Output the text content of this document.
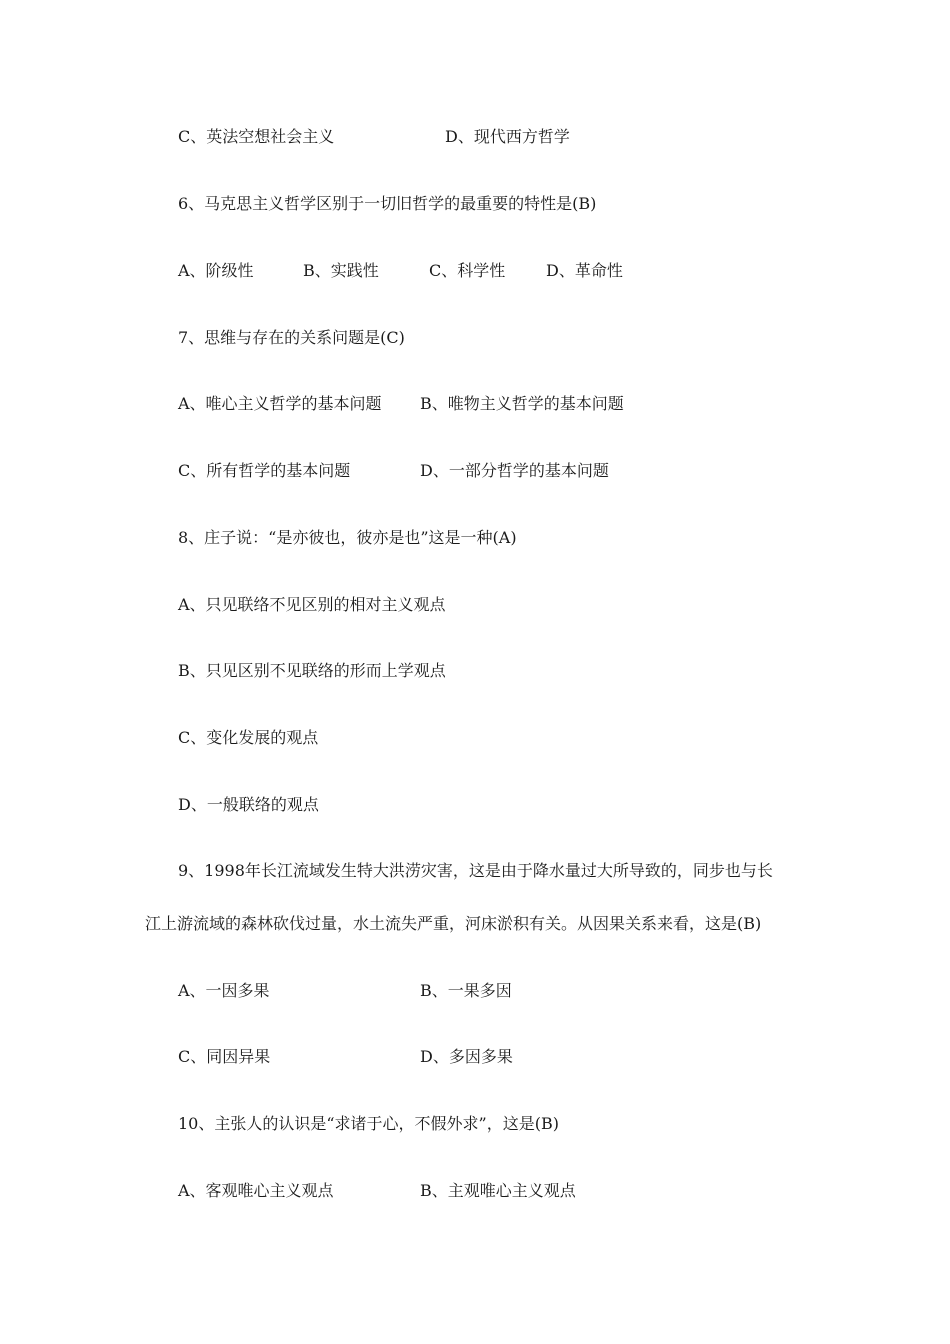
C、英法空想社会主义	D、现代西方哲学
6、马克思主义哲学区别于一切旧哲学的最重要的特性是(B)
A、阶级性	B、实践性	C、科学性	D、革命性
7、思维与存在的关系问题是(C)
A、唯心主义哲学的基本问题 B、唯物主义哲学的基本问题
C、所有哲学的基本问题	D、一部分哲学的基本问题
8、庄子说：“是亦彼也，彼亦是也”这是一种(A)
A、只见联络不见区别的相对主义观点
B、只见区别不见联络的形而上学观点
C、变化发展的观点
D、一般联络的观点
9、1998年长江流域发生特大洪涝灾害，这是由于降水量过大所导致的，同步也与长
江上游流域的森林砍伐过量，水土流失严重，河床淤积有关。从因果关系来看，这是(B)
A、一因多果	B、一果多因
C、同因异果	D、多因多果
10、主张人的认识是“求诸于心，不假外求”，这是(B)
A、客观唯心主义观点	B、主观唯心主义观点
